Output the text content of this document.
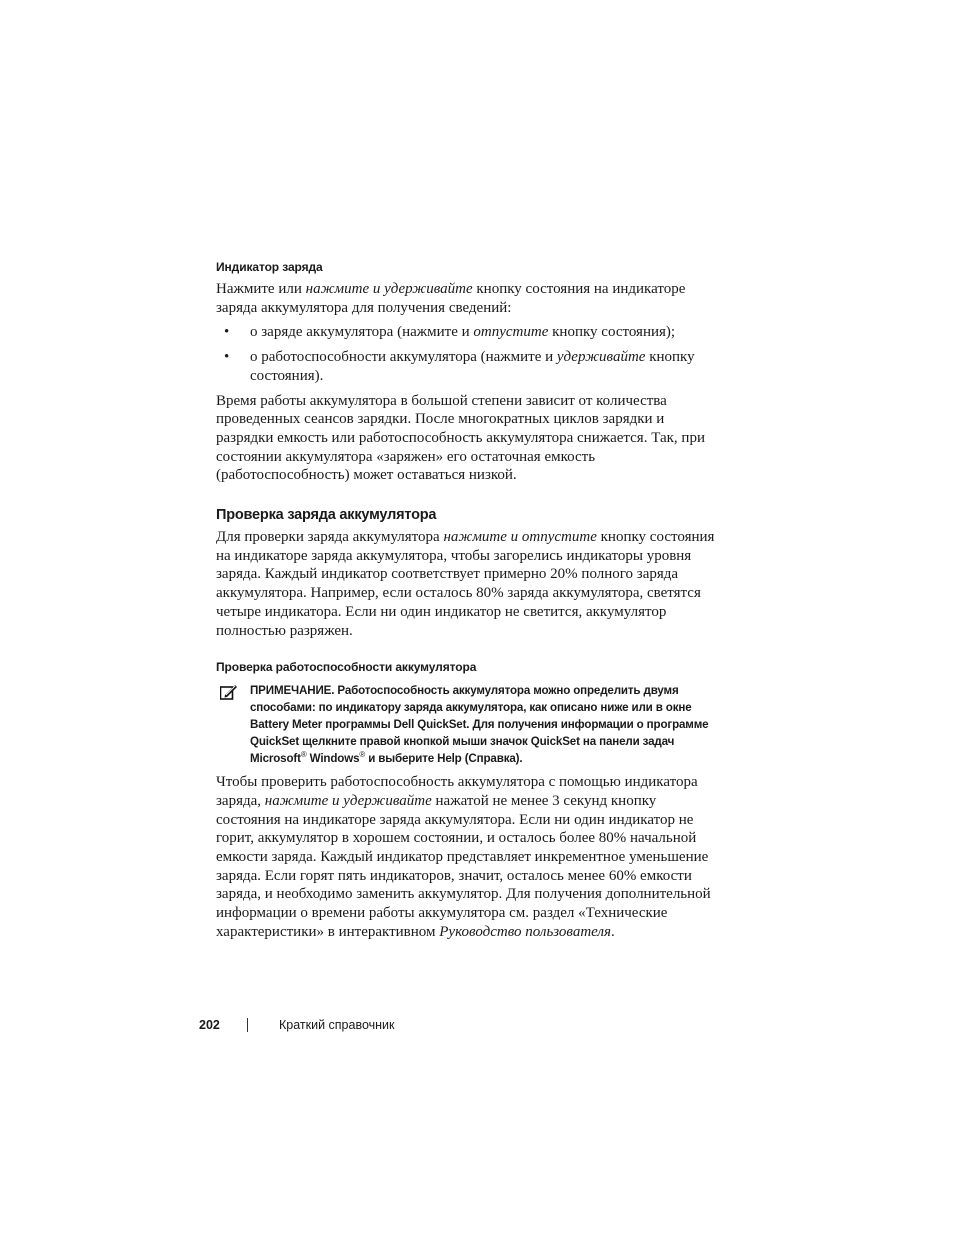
Индикатор заряда

Нажмите или нажмите и удерживайте кнопку состояния на индикаторе заряда аккумулятора для получения сведений:

• о заряде аккумулятора (нажмите и отпустите кнопку состояния);
• о работоспособности аккумулятора (нажмите и удерживайте кнопку состояния).

Время работы аккумулятора в большой степени зависит от количества проведенных сеансов зарядки. После многократных циклов зарядки и разрядки емкость или работоспособность аккумулятора снижается. Так, при состоянии аккумулятора «заряжен» его остаточная емкость (работоспособность) может оставаться низкой.

Проверка заряда аккумулятора

Для проверки заряда аккумулятора нажмите и отпустите кнопку состояния на индикаторе заряда аккумулятора, чтобы загорелись индикаторы уровня заряда. Каждый индикатор соответствует примерно 20% полного заряда аккумулятора. Например, если осталось 80% заряда аккумулятора, светятся четыре индикатора. Если ни один индикатор не светится, аккумулятор полностью разряжен.

Проверка работоспособности аккумулятора
ПРИМЕЧАНИЕ. Работоспособность аккумулятора можно определить двумя способами: по индикатору заряда аккумулятора, как описано ниже или в окне Battery Meter программы Dell QuickSet. Для получения информации о программе QuickSet щелкните правой кнопкой мыши значок QuickSet на панели задач Microsoft® Windows® и выберите Help (Справка).

Чтобы проверить работоспособность аккумулятора с помощью индикатора заряда, нажмите и удерживайте нажатой не менее 3 секунд кнопку состояния на индикаторе заряда аккумулятора. Если ни один индикатор не горит, аккумулятор в хорошем состоянии, и осталось более 80% начальной емкости заряда. Каждый индикатор представляет инкрементное уменьшение заряда. Если горят пять индикаторов, значит, осталось менее 60% емкости заряда, и необходимо заменить аккумулятор. Для получения дополнительной информации о времени работы аккумулятора см. раздел «Технические характеристики» в интерактивном Руководство пользователя.

202	Краткий справочник
